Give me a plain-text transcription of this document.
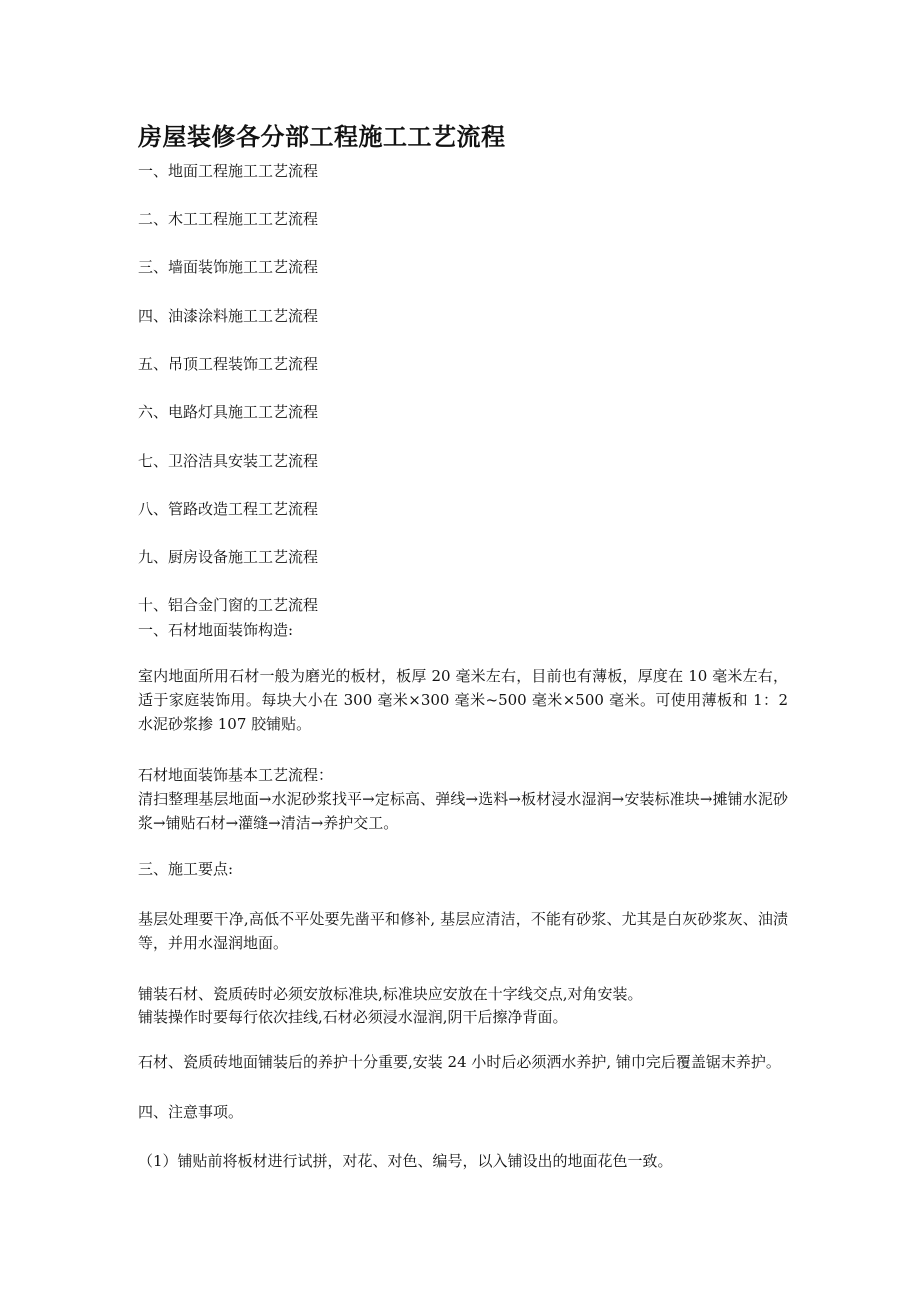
房屋装修各分部工程施工工艺流程
一、地面工程施工工艺流程
二、木工工程施工工艺流程
三、墙面装饰施工工艺流程
四、油漆涂料施工工艺流程
五、吊顶工程装饰工艺流程
六、电路灯具施工工艺流程
七、卫浴洁具安装工艺流程
八、管路改造工程工艺流程
九、厨房设备施工工艺流程
十、铝合金门窗的工艺流程
一、石材地面装饰构造:
室内地面所用石材一般为磨光的板材，板厚 20 毫米左右，目前也有薄板，厚度在 10 毫米左右，适于家庭装饰用。每块大小在 300 毫米×300 毫米~500 毫米×500 毫米。可使用薄板和 1：2 水泥砂浆掺 107 胶铺贴。
石材地面装饰基本工艺流程：
清扫整理基层地面→水泥砂浆找平→定标高、弹线→选料→板材浸水湿润→安装标准块→摊铺水泥砂浆→铺贴石材→灌缝→清洁→养护交工。
三、施工要点:
基层处理要干净,高低不平处要先凿平和修补, 基层应清洁，不能有砂浆、尤其是白灰砂浆灰、油渍等，并用水湿润地面。
铺装石材、瓷质砖时必须安放标准块,标准块应安放在十字线交点,对角安装。
铺装操作时要每行依次挂线,石材必须浸水湿润,阴干后擦净背面。
石材、瓷质砖地面铺装后的养护十分重要,安装 24 小时后必须洒水养护, 铺巾完后覆盖锯末养护。
四、注意事项。
（1）铺贴前将板材进行试拼，对花、对色、编号，以入铺设出的地面花色一致。
